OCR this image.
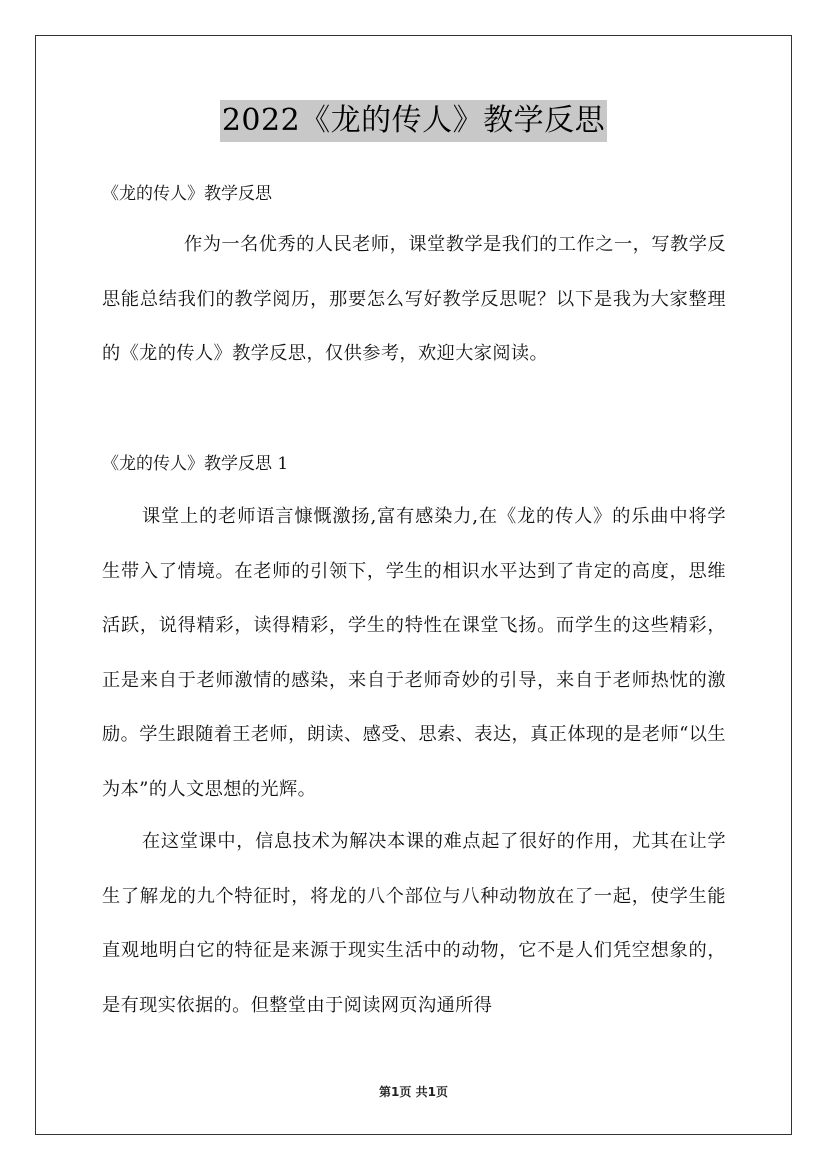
2022《龙的传人》教学反思

《龙的传人》教学反思

作为一名优秀的人民老师，课堂教学是我们的工作之一，写教学反思能总结我们的教学阅历，那要怎么写好教学反思呢？以下是我为大家整理的《龙的传人》教学反思，仅供参考，欢迎大家阅读。

《龙的传人》教学反思 1

课堂上的老师语言慷慨激扬,富有感染力,在《龙的传人》的乐曲中将学生带入了情境。在老师的引领下，学生的相识水平达到了肯定的高度，思维活跃，说得精彩，读得精彩，学生的特性在课堂飞扬。而学生的这些精彩，正是来自于老师激情的感染，来自于老师奇妙的引导，来自于老师热忱的激励。学生跟随着王老师，朗读、感受、思索、表达，真正体现的是老师“以生为本”的人文思想的光辉。

在这堂课中，信息技术为解决本课的难点起了很好的作用，尤其在让学生了解龙的九个特征时，将龙的八个部位与八种动物放在了一起，使学生能直观地明白它的特征是来源于现实生活中的动物，它不是人们凭空想象的，是有现实依据的。但整堂由于阅读网页沟通所得

第1页 共1页
